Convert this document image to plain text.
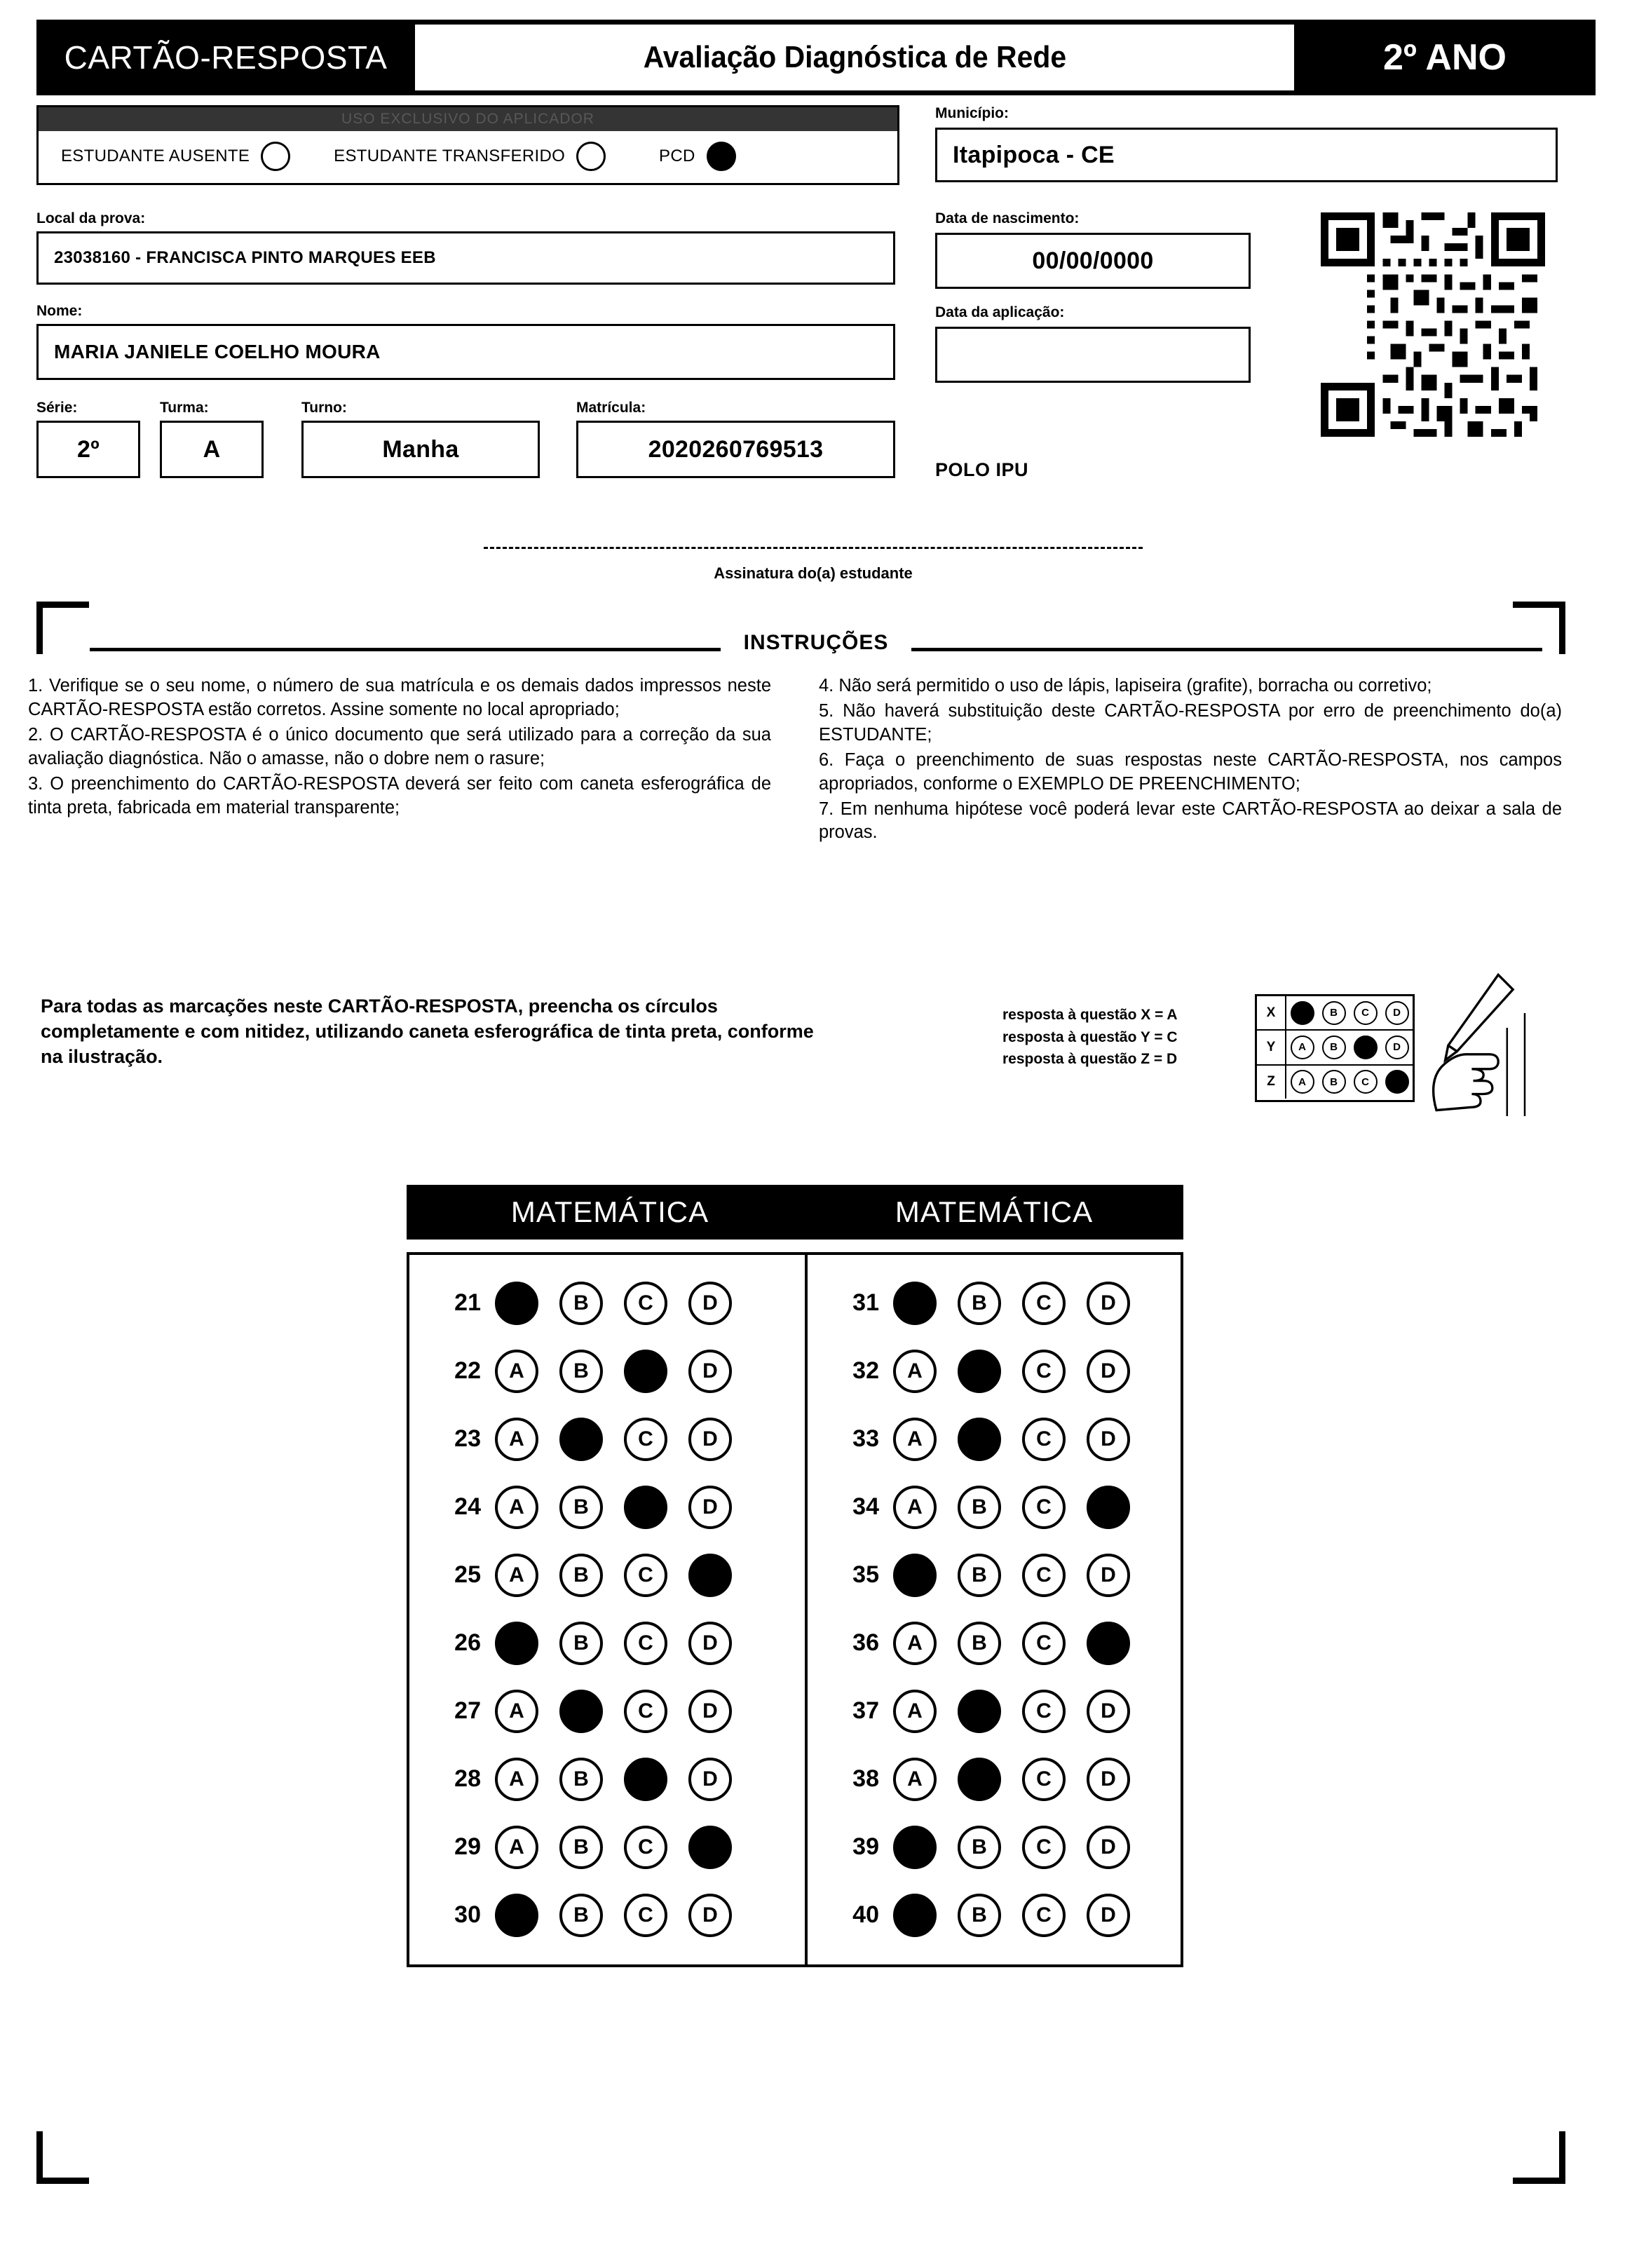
CARTÃO-RESPOSTA	Avaliação Diagnóstica de Rede	2º ANO
USO EXCLUSIVO DO APLICADOR
ESTUDANTE AUSENTE	ESTUDANTE TRANSFERIDO	PCD
Local da prova:
23038160 - FRANCISCA PINTO MARQUES EEB
Nome:
MARIA JANIELE COELHO MOURA
Série:
2º
Turma:
A
Turno:
Manha
Matrícula:
2020260769513
Município:
Itapipoca - CE
Data de nascimento:
00/00/0000
Data da aplicação:
POLO IPU
Assinatura do(a) estudante
INSTRUÇÕES

1. Verifique se o seu nome, o número de sua matrícula e os demais dados impressos neste CARTÃO-RESPOSTA estão corretos. Assine somente no local apropriado;

2. O CARTÃO-RESPOSTA é o único documento que será utilizado para a correção da sua avaliação diagnóstica. Não o amasse, não o dobre nem o rasure;

3. O preenchimento do CARTÃO-RESPOSTA deverá ser feito com caneta esferográfica de tinta preta, fabricada em material transparente;

4. Não será permitido o uso de lápis, lapiseira (grafite), borracha ou corretivo;

5. Não haverá substituição deste CARTÃO-RESPOSTA por erro de preenchimento do(a) ESTUDANTE;

6. Faça o preenchimento de suas respostas neste CARTÃO-RESPOSTA, nos campos apropriados, conforme o EXEMPLO DE PREENCHIMENTO;

7. Em nenhuma hipótese você poderá levar este CARTÃO-RESPOSTA ao deixar a sala de provas.

Para todas as marcações neste CARTÃO-RESPOSTA, preencha os círculos completamente e com nitidez, utilizando caneta esferográfica de tinta preta, conforme na ilustração.
resposta à questão X = A
resposta à questão Y = C
resposta à questão Z = D
X	A	B	C	D
Y	A	B	C	D
Z	A	B	C	D
MATEMÁTICA
21	A	B	C	D
22	A	B	C	D
23	A	B	C	D
24	A	B	C	D
25	A	B	C	D
26	A	B	C	D
27	A	B	C	D
28	A	B	C	D
29	A	B	C	D
30	A	B	C	D
MATEMÁTICA
31	A	B	C	D
32	A	B	C	D
33	A	B	C	D
34	A	B	C	D
35	A	B	C	D
36	A	B	C	D
37	A	B	C	D
38	A	B	C	D
39	A	B	C	D
40	A	B	C	D
